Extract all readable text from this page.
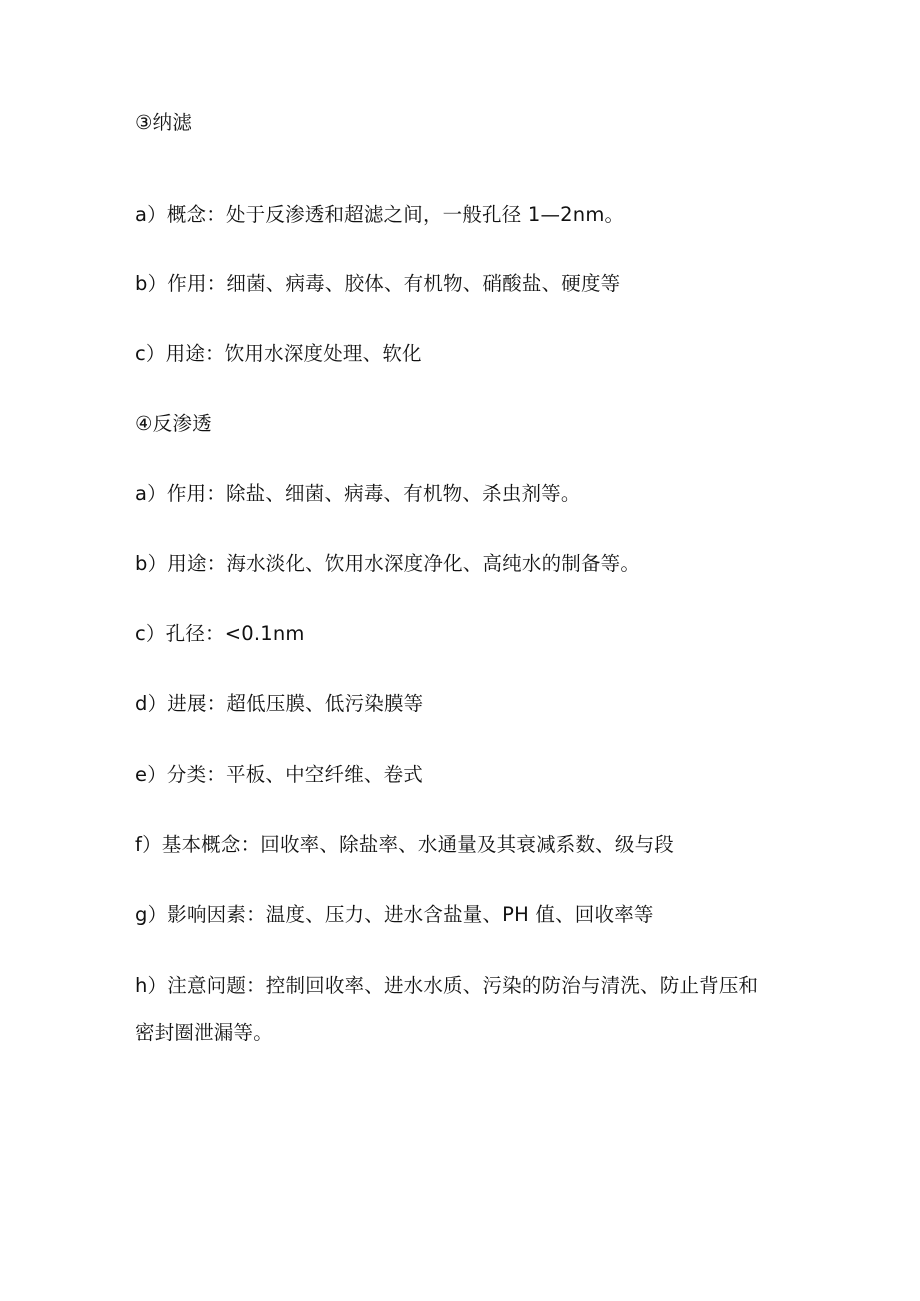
③纳滤
a）概念：处于反渗透和超滤之间，一般孔径 1—2nm。
b）作用：细菌、病毒、胶体、有机物、硝酸盐、硬度等
c）用途：饮用水深度处理、软化
④反渗透
a）作用：除盐、细菌、病毒、有机物、杀虫剂等。
b）用途：海水淡化、饮用水深度净化、高纯水的制备等。
c）孔径：<0.1nm
d）进展：超低压膜、低污染膜等
e）分类：平板、中空纤维、卷式
f）基本概念：回收率、除盐率、水通量及其衰减系数、级与段
g）影响因素：温度、压力、进水含盐量、PH 值、回收率等
h）注意问题：控制回收率、进水水质、污染的防治与清洗、防止背压和
密封圈泄漏等。
